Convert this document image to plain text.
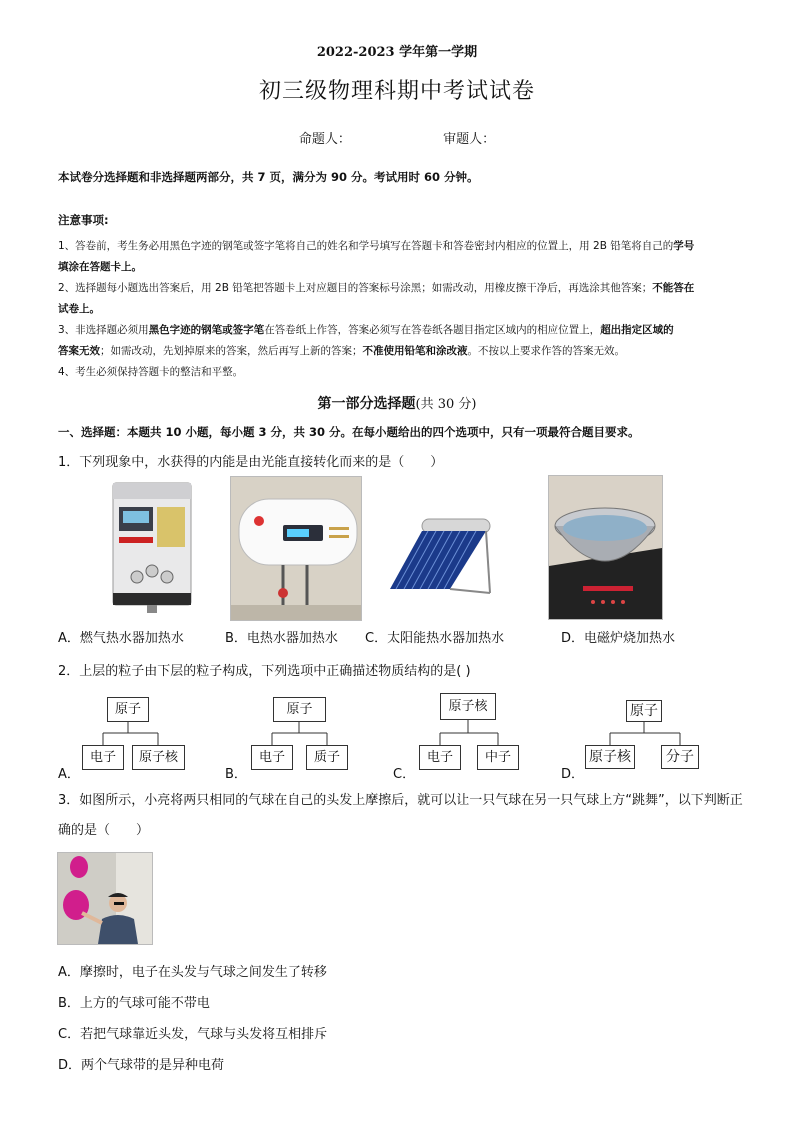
2022-2023 学年第一学期
初三级物理科期中考试试卷
命题人：	审题人：
本试卷分选择题和非选择题两部分，共 7 页，满分为 90 分。考试用时 60 分钟。
注意事项:

1、答卷前，考生务必用黑色字迹的钢笔或签字笔将自己的姓名和学号填写在答题卡和答卷密封内相应的位置上，用 2B 铅笔将自己的学号
填涂在答题卡上。

2、选择题每小题选出答案后，用 2B 铅笔把答题卡上对应题目的答案标号涂黑；如需改动，用橡皮擦干净后，再选涂其他答案；不能答在
试卷上。

3、非选择题必须用黑色字迹的钢笔或签字笔在答卷纸上作答，答案必须写在答卷纸各题目指定区域内的相应位置上，超出指定区域的
答案无效；如需改动，先划掉原来的答案，然后再写上新的答案；不准使用铅笔和涂改液。不按以上要求作答的答案无效。

4、考生必须保持答题卡的整洁和平整。

第一部分选择题(共 30 分)
一、选择题：本题共 10 小题，每小题 3 分，共 30 分。在每小题给出的四个选项中，只有一项最符合题目要求。
1．下列现象中，水获得的内能是由光能直接转化而来的是（　　）
A．燃气热水器加热水	B．电热水器加热水 C．太阳能热水器加热水	D．电磁炉烧加热水
2．上层的粒子由下层的粒子构成，下列选项中正确描述物质结构的是( )
A．
原子
电子	原子核
B．
原子
电子	质子
C．
原子核
电子	中子
D．
原子
原子核	分子
3．如图所示，小亮将两只相同的气球在自己的头发上摩擦后，就可以让一只气球在另一只气球上方“跳舞”，以下判断正确的是（　　）
A．摩擦时，电子在头发与气球之间发生了转移
B．上方的气球可能不带电
C．若把气球靠近头发，气球与头发将互相排斥
D．两个气球带的是异种电荷
